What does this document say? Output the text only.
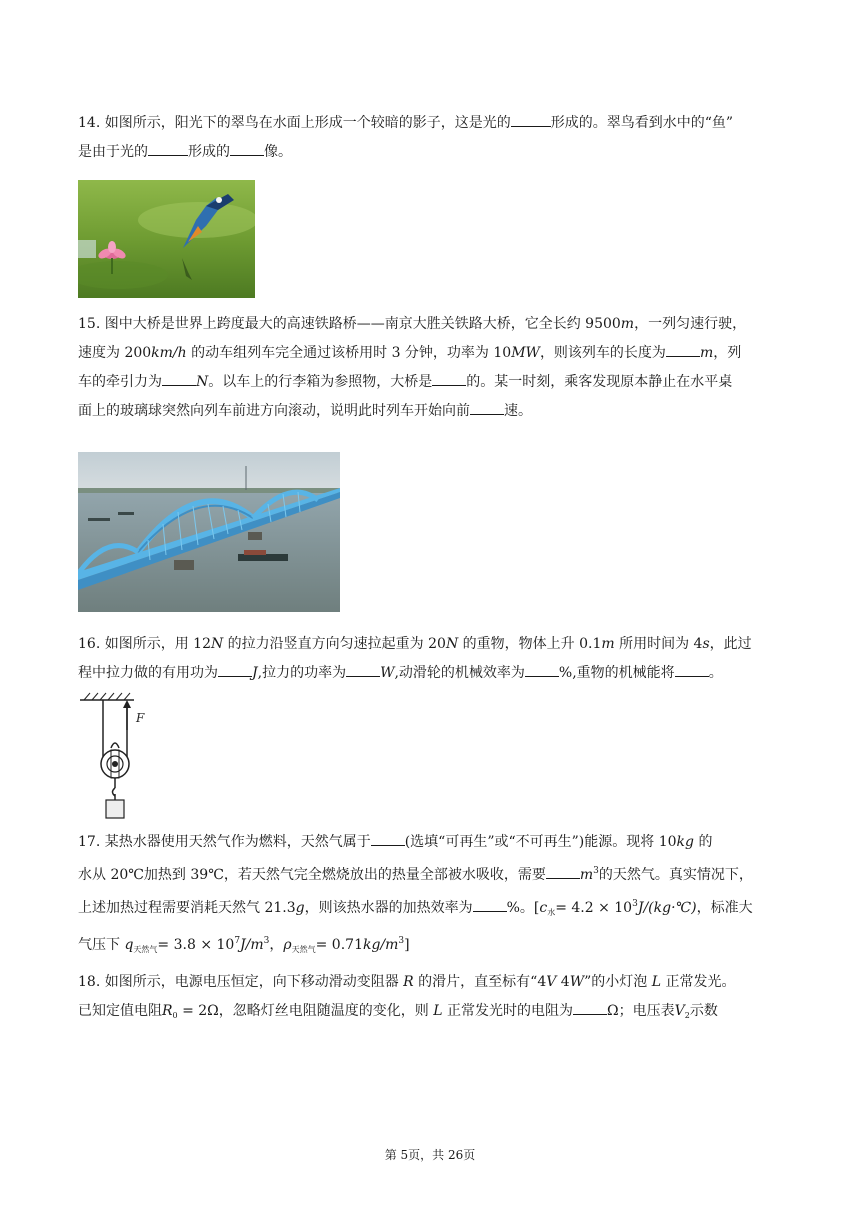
14. 如图所示，阳光下的翠鸟在水面上形成一个较暗的影子，这是光的	形成的。翠鸟看到水中的“鱼”
是由于光的	形成的 像。

15. 图中大桥是世界上跨度最大的高速铁路桥——南京大胜关铁路大桥，它全长约 9500m，一列匀速行驶，
速度为 200km/h 的动车组列车完全通过该桥用时 3 分钟，功率为 10MW，则该列车的长度为 m，列
车的牵引力为 N。以车上的行李箱为参照物，大桥是 的。某一时刻，乘客发现原本静止在水平桌
面上的玻璃球突然向列车前进方向滚动，说明此时列车开始向前 速。

16. 如图所示，用 12N 的拉力沿竖直方向匀速拉起重为 20N 的重物，物体上升 0.1m 所用时间为 4s，此过
程中拉力做的有用功为 J,拉力的功率为 W,动滑轮的机械效率为 %,重物的机械能将 。

F

17. 某热水器使用天然气作为燃料，天然气属于 (选填“可再生”或“不可再生”)能源。现将 10kg 的
水从 20℃加热到 39℃，若天然气完全燃烧放出的热量全部被水吸收，需要 $m^3$的天然气。真实情况下，
上述加热过程需要消耗天然气 21.3g，则该热水器的加热效率为 %。[$c_水= 4.2$ × $10^3J/(kg\cdot℃)$，标准大
气压下 $q_{天然气}= 3.8 \times 10^7J/m^3$，$\rho_{天然气}= 0.71kg/m^3$]

18. 如图所示，电源电压恒定，向下移动滑动变阻器 R 的滑片，直至标有“4V 4W”的小灯泡 L 正常发光。
已知定值电阻$R_0 = 2\Omega$，忽略灯丝电阻随温度的变化，则 L 正常发光时的电阻为 Ω；电压表$V_2$示数

第 5页，共 26页
